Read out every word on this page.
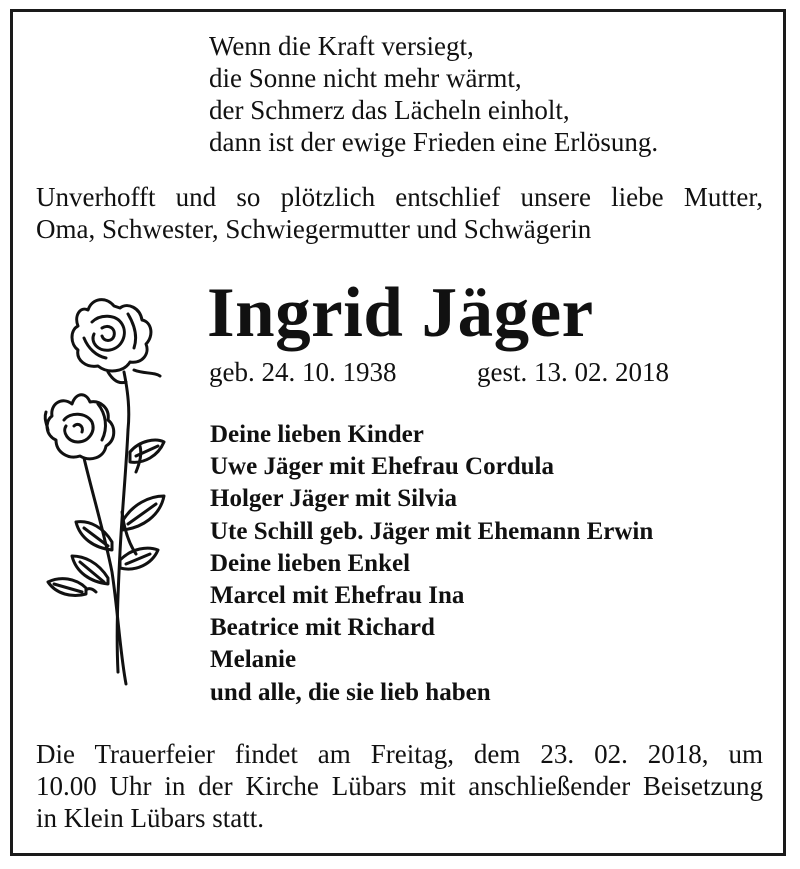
Wenn die Kraft versiegt,
die Sonne nicht mehr wärmt,
der Schmerz das Lächeln einholt,
dann ist der ewige Frieden eine Erlösung.
Unverhofft und so plötzlich entschlief unsere liebe Mutter,
Oma, Schwester, Schwiegermutter und Schwägerin
Ingrid Jäger
geb. 24. 10. 1938	gest. 13. 02. 2018
Deine lieben Kinder
Uwe Jäger mit Ehefrau Cordula
Holger Jäger mit Silvia
Ute Schill geb. Jäger mit Ehemann Erwin
Deine lieben Enkel
Marcel mit Ehefrau Ina
Beatrice mit Richard
Melanie
und alle, die sie lieb haben
Die Trauerfeier findet am Freitag, dem 23. 02. 2018, um
10.00 Uhr in der Kirche Lübars mit anschließender Beisetzung
in Klein Lübars statt.
